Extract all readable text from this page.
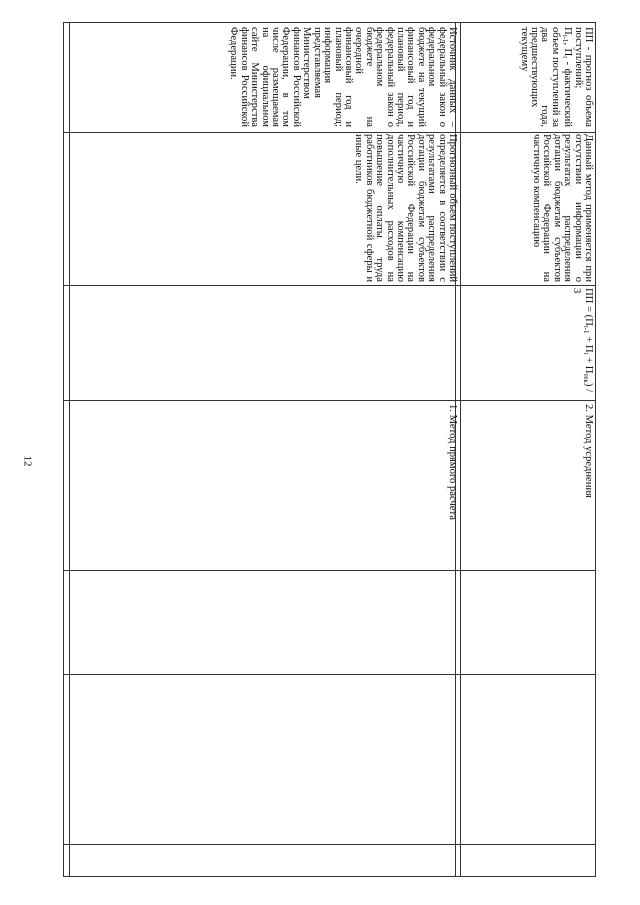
12
Источник данных – федеральный закон о федеральном бюджете на текущий финансовый год и плановый период, федеральный закон о федеральном бюджете на очередной финансовый год и плановый период; информация представляемая Министерством финансов Российской Федерации, в том числе размещаемая на официальном сайте Министерства финансов Российской Федерации.
Прогнозный объем поступлений определяется в соответствии с результатами распределения дотации бюджетам субъектов Российской Федерации на частичную компенсацию дополнительных расходов на повышение оплаты труда работников бюджетной сферы и иные цели.
1. Метод прямого расчета
ПП - прогноз объема поступлений;
$П_{t-1}$, $П_t$ - фактический объем поступлений за два года, предшествующих текущему
Данный метод применяется при отсутствии информации о результатах распределения дотации бюджетам субъектов Российской Федерации на частичную компенсацию
ПП = $(П_{t-1} + П_t + П_{тек}) / 3$
2. Метод усреднения
